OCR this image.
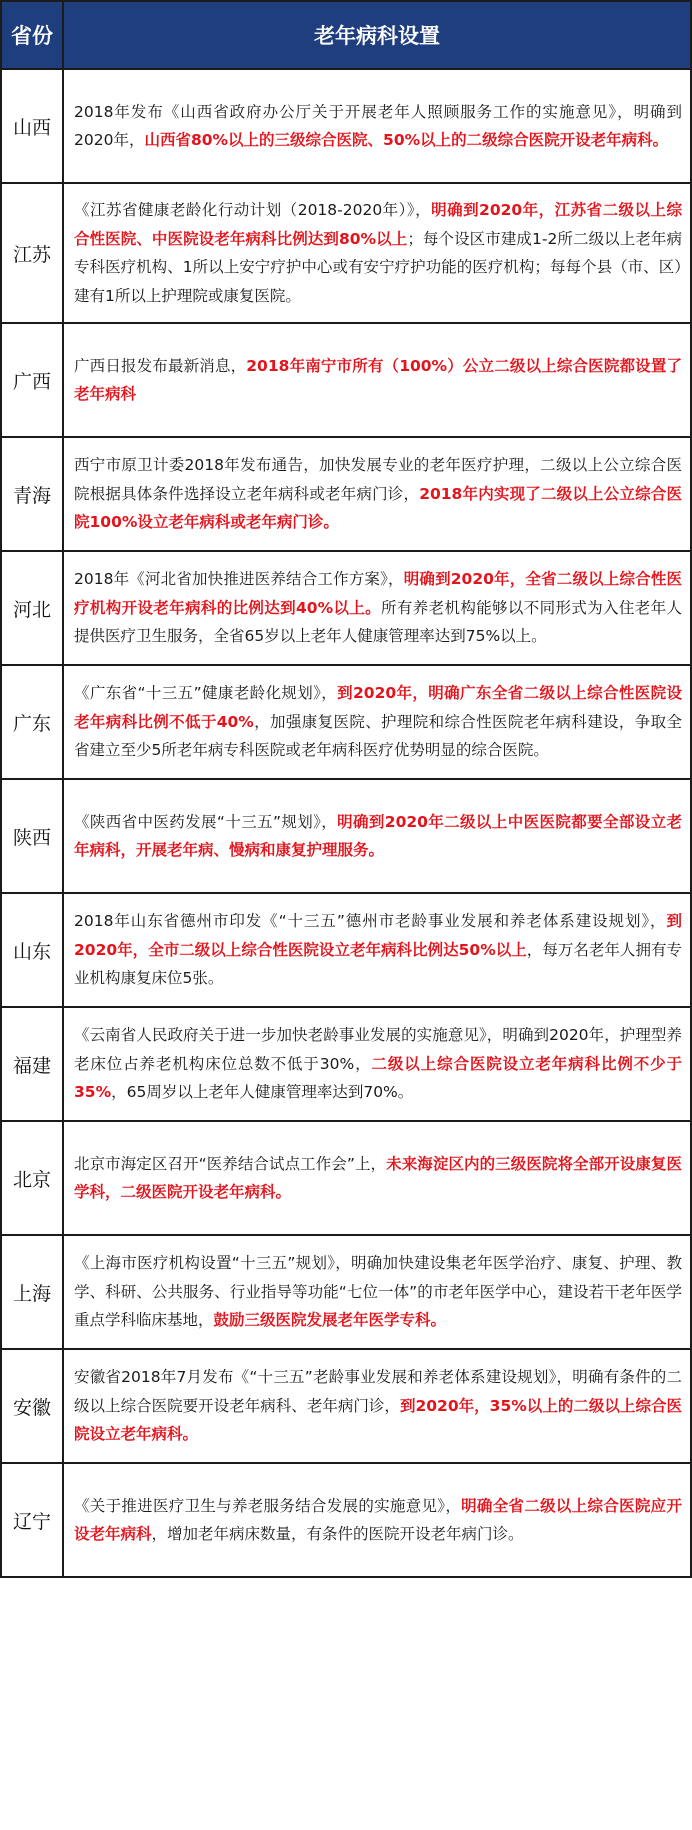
省份	老年病科设置
山西	2018年发布《山西省政府办公厅关于开展老年人照顾服务工作的实施意见》，明确到2020年，山西省80%以上的三级综合医院、50%以上的二级综合医院开设老年病科。
江苏	《江苏省健康老龄化行动计划（2018-2020年）》，明确到2020年，江苏省二级以上综合性医院、中医院设老年病科比例达到80%以上；每个设区市建成1-2所二级以上老年病专科医疗机构、1所以上安宁疗护中心或有安宁疗护功能的医疗机构；每每个县（市、区）建有1所以上护理院或康复医院。
广西	广西日报发布最新消息，2018年南宁市所有（100%）公立二级以上综合医院都设置了老年病科
青海	西宁市原卫计委2018年发布通告，加快发展专业的老年医疗护理，二级以上公立综合医院根据具体条件选择设立老年病科或老年病门诊，2018年内实现了二级以上公立综合医院100%设立老年病科或老年病门诊。
河北	2018年《河北省加快推进医养结合工作方案》，明确到2020年，全省二级以上综合性医疗机构开设老年病科的比例达到40%以上。所有养老机构能够以不同形式为入住老年人提供医疗卫生服务，全省65岁以上老年人健康管理率达到75%以上。
广东	《广东省“十三五”健康老龄化规划》，到2020年，明确广东全省二级以上综合性医院设老年病科比例不低于40%，加强康复医院、护理院和综合性医院老年病科建设，争取全省建立至少5所老年病专科医院或老年病科医疗优势明显的综合医院。
陕西	《陕西省中医药发展“十三五”规划》，明确到2020年二级以上中医医院都要全部设立老年病科，开展老年病、慢病和康复护理服务。
山东	2018年山东省德州市印发《“十三五”德州市老龄事业发展和养老体系建设规划》，到2020年，全市二级以上综合性医院设立老年病科比例达50%以上，每万名老年人拥有专业机构康复床位5张。
福建	《云南省人民政府关于进一步加快老龄事业发展的实施意见》，明确到2020年，护理型养老床位占养老机构床位总数不低于30%，二级以上综合医院设立老年病科比例不少于35%，65周岁以上老年人健康管理率达到70%。
北京	北京市海定区召开“医养结合试点工作会”上，未来海淀区内的三级医院将全部开设康复医学科，二级医院开设老年病科。
上海	《上海市医疗机构设置“十三五”规划》，明确加快建设集老年医学治疗、康复、护理、教学、科研、公共服务、行业指导等功能“七位一体”的市老年医学中心，建设若干老年医学重点学科临床基地，鼓励三级医院发展老年医学专科。
安徽	安徽省2018年7月发布《“十三五”老龄事业发展和养老体系建设规划》，明确有条件的二级以上综合医院要开设老年病科、老年病门诊，到2020年，35%以上的二级以上综合医院设立老年病科。
辽宁	《关于推进医疗卫生与养老服务结合发展的实施意见》，明确全省二级以上综合医院应开设老年病科，增加老年病床数量，有条件的医院开设老年病门诊。
